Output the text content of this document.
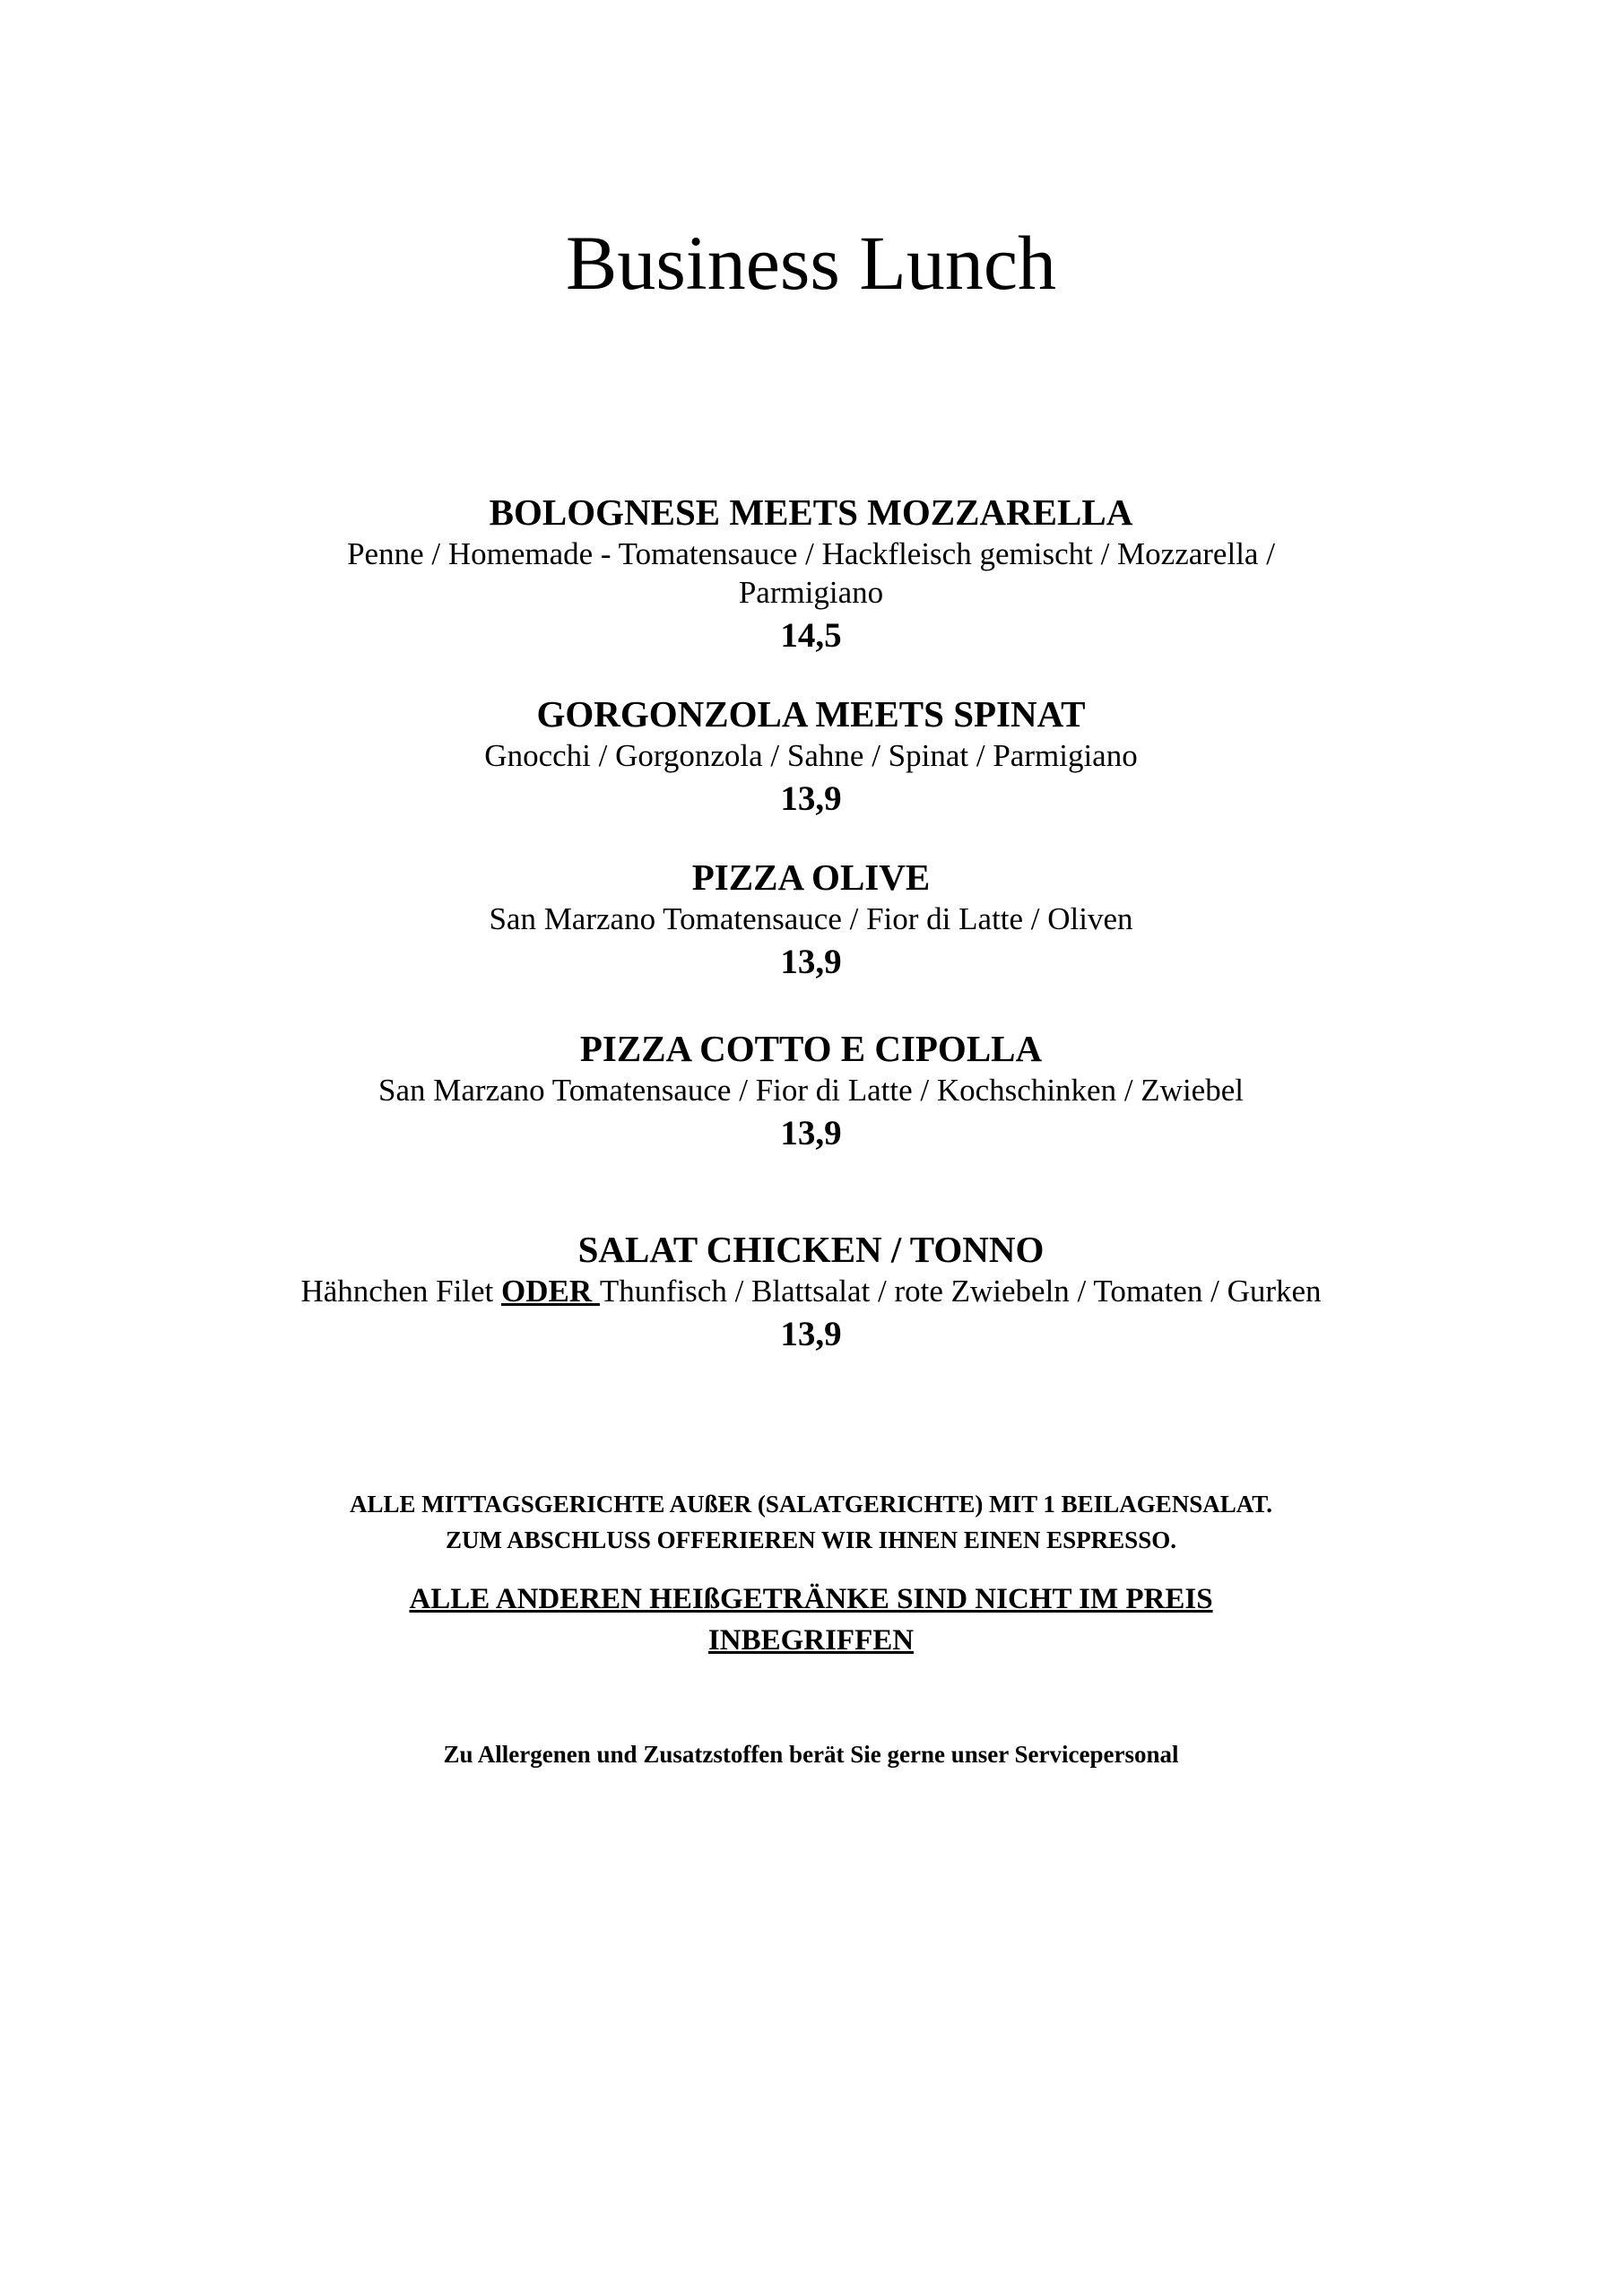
Business Lunch
BOLOGNESE MEETS MOZZARELLA
Penne / Homemade - Tomatensauce / Hackfleisch gemischt / Mozzarella /
Parmigiano
14,5
GORGONZOLA MEETS SPINAT
Gnocchi / Gorgonzola / Sahne / Spinat / Parmigiano
13,9
PIZZA OLIVE
San Marzano Tomatensauce / Fior di Latte / Oliven
13,9
PIZZA COTTO E CIPOLLA
San Marzano Tomatensauce / Fior di Latte / Kochschinken / Zwiebel
13,9
SALAT CHICKEN / TONNO
Hähnchen Filet ODER Thunfisch / Blattsalat / rote Zwiebeln / Tomaten / Gurken
13,9
ALLE MITTAGSGERICHTE AUßER (SALATGERICHTE) MIT 1 BEILAGENSALAT.
ZUM ABSCHLUSS OFFERIEREN WIR IHNEN EINEN ESPRESSO.
ALLE ANDEREN HEIßGETRÄNKE SIND NICHT IM PREIS
INBEGRIFFEN
Zu Allergenen und Zusatzstoffen berät Sie gerne unser Servicepersonal
